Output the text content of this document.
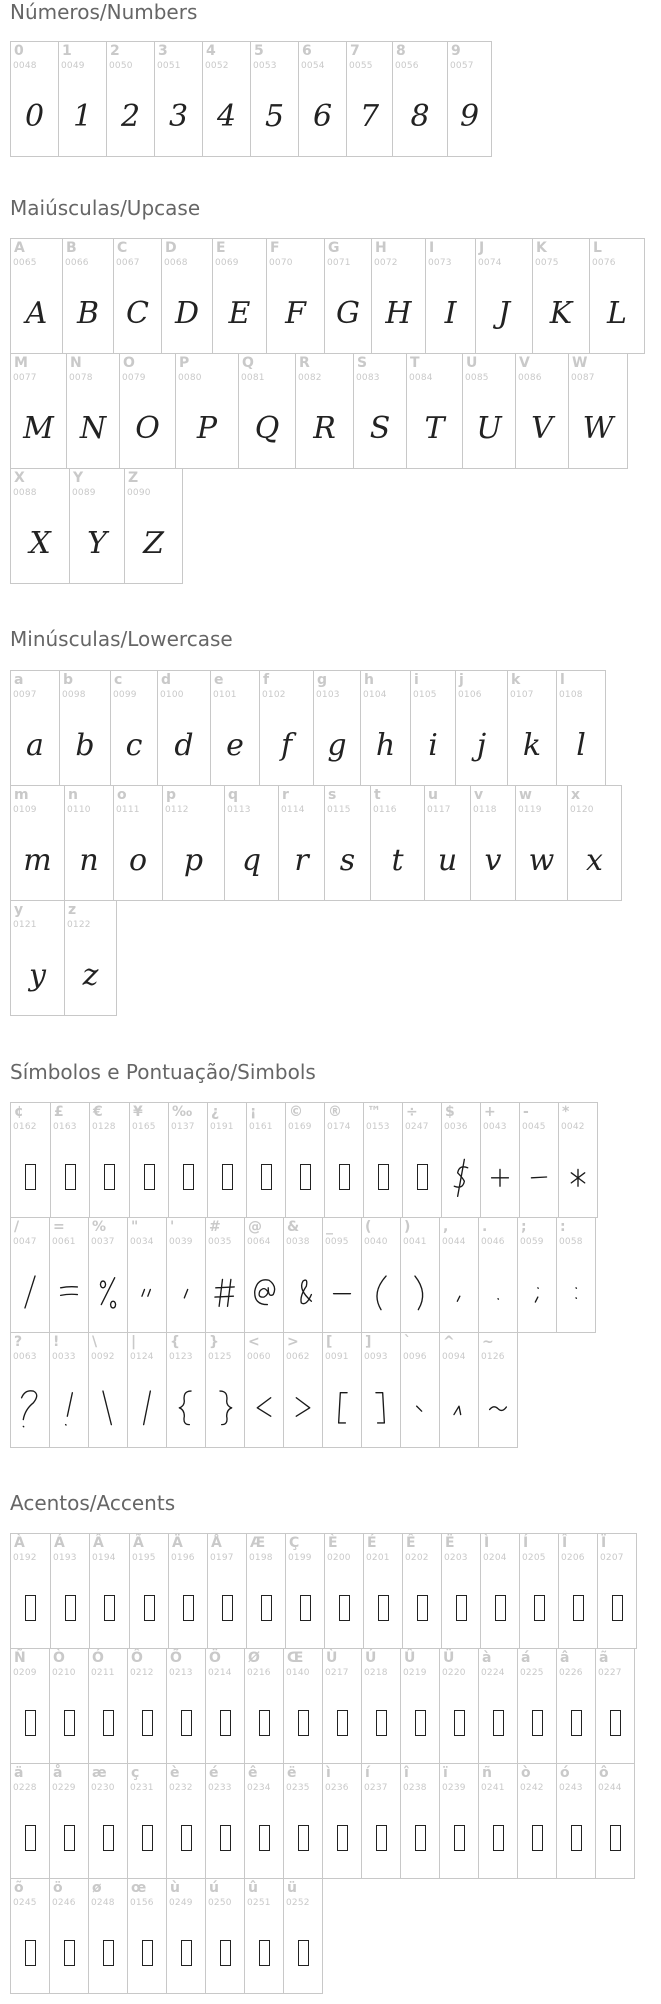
Números/Numbers
Maiúsculas/Upcase
Minúsculas/Lowercase
Símbolos e Pontuação/Simbols
Acentos/Accents
0
0048
0
1
0049
1
2
0050
2
3
0051
3
4
0052
4
5
0053
5
6
0054
6
7
0055
7
8
0056
8
9
0057
9
A
0065
A
B
0066
B
C
0067
C
D
0068
D
E
0069
E
F
0070
F
G
0071
G
H
0072
H
I
0073
I
J
0074
J
K
0075
K
L
0076
L
M
0077
M
N
0078
N
O
0079
O
P
0080
P
Q
0081
Q
R
0082
R
S
0083
S
T
0084
T
U
0085
U
V
0086
V
W
0087
W
X
0088
X
Y
0089
Y
Z
0090
Z
a
0097
a
b
0098
b
c
0099
c
d
0100
d
e
0101
e
f
0102
f
g
0103
g
h
0104
h
i
0105
i
j
0106
j
k
0107
k
l
0108
l
m
0109
m
n
0110
n
o
0111
o
p
0112
p
q
0113
q
r
0114
r
s
0115
s
t
0116
t
u
0117
u
v
0118
v
w
0119
w
x
0120
x
y
0121
y
z
0122
z
¢
0162
£
0163
€
0128
¥
0165
‰
0137
¿
0191
¡
0161
©
0169
®
0174
™
0153
÷
0247
$
0036
+
0043
-
0045
*
0042
/
0047
=
0061
%
0037
"
0034
'
0039
#
0035
@
0064
&
0038
_
0095
(
0040
)
0041
,
0044
.
0046
;
0059
:
0058
?
0063
!
0033
\
0092
|
0124
{
0123
}
0125
<
0060
>
0062
[
0091
]
0093
`
0096
^
0094
~
0126
À
0192
Á
0193
Â
0194
Ã
0195
Ä
0196
Å
0197
Æ
0198
Ç
0199
È
0200
É
0201
Ê
0202
Ë
0203
Ì
0204
Í
0205
Î
0206
Ï
0207
Ñ
0209
Ò
0210
Ó
0211
Ô
0212
Õ
0213
Ö
0214
Ø
0216
Œ
0140
Ù
0217
Ú
0218
Û
0219
Ü
0220
à
0224
á
0225
â
0226
ã
0227
ä
0228
å
0229
æ
0230
ç
0231
è
0232
é
0233
ê
0234
ë
0235
ì
0236
í
0237
î
0238
ï
0239
ñ
0241
ò
0242
ó
0243
ô
0244
õ
0245
ö
0246
ø
0248
œ
0156
ù
0249
ú
0250
û
0251
ü
0252
